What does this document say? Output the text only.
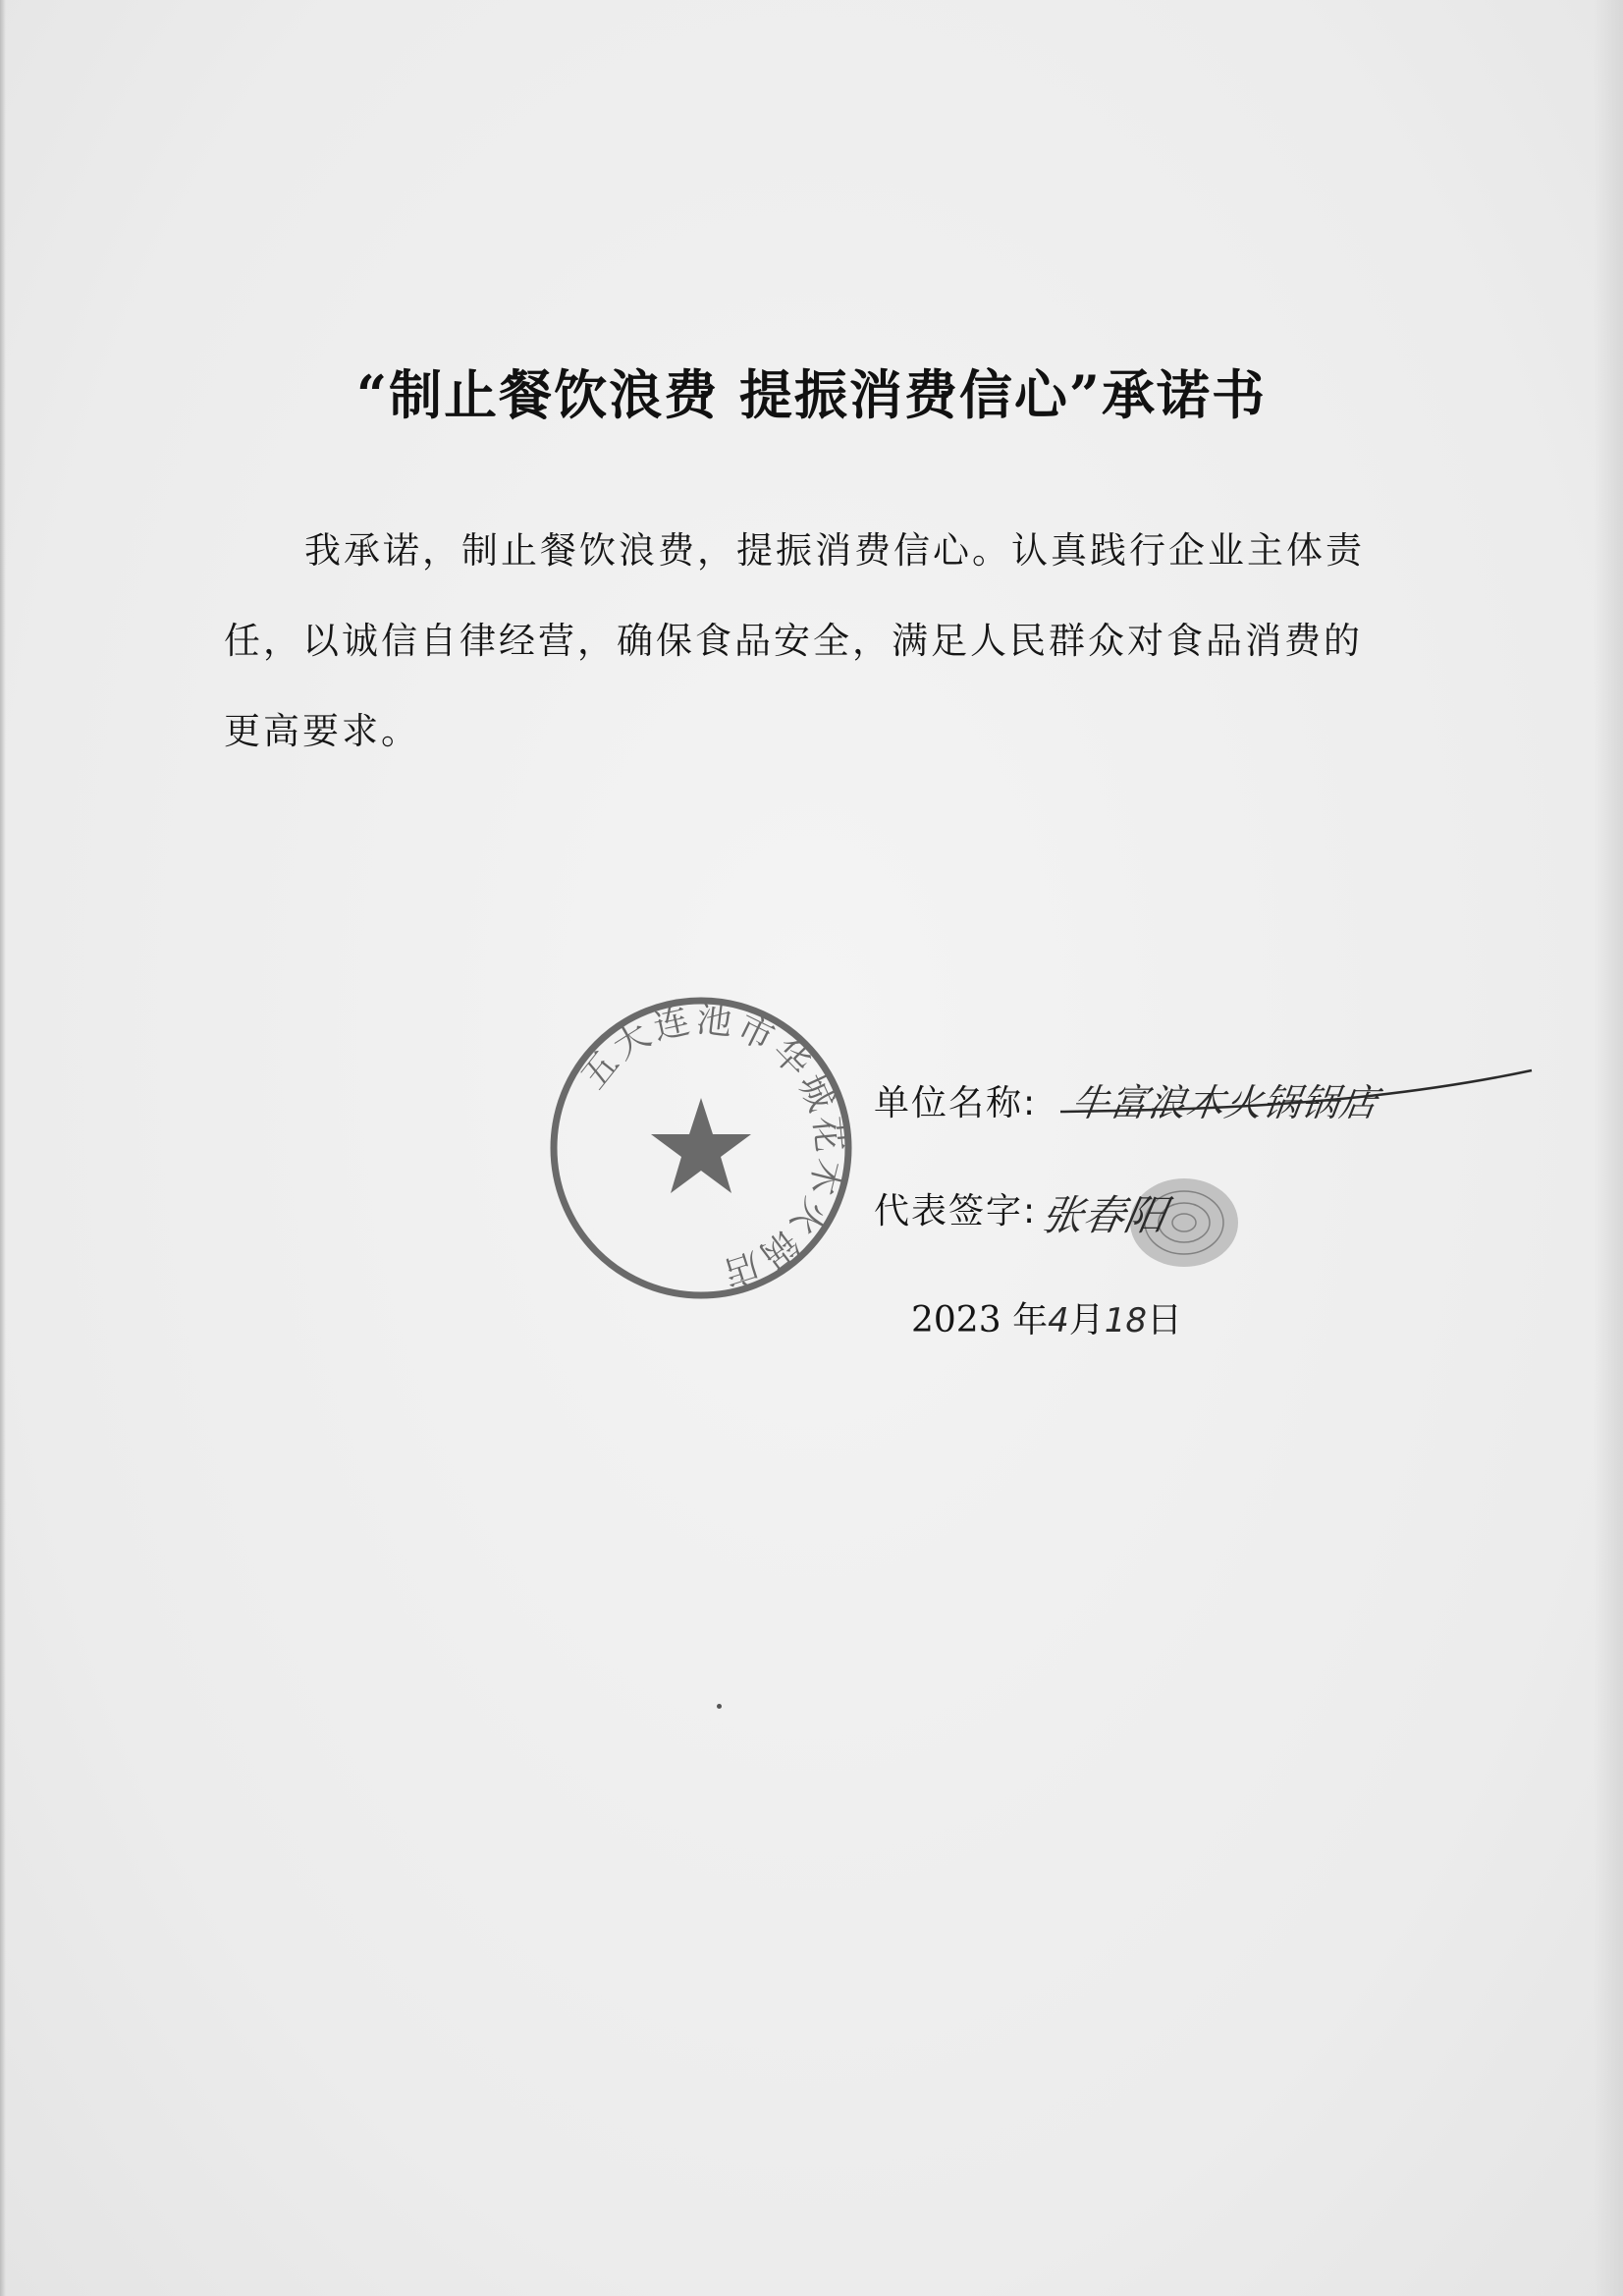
“制止餐饮浪费 提振消费信心”承诺书
我承诺，制止餐饮浪费，提振消费信心。认真践行企业主体责任，以诚信自律经营，确保食品安全，满足人民群众对食品消费的更高要求。
五大连池市华城花木火锅店
单位名称: 牛富浪木火锅锅店
代表签字: 张春阳
2023 年4月18日
